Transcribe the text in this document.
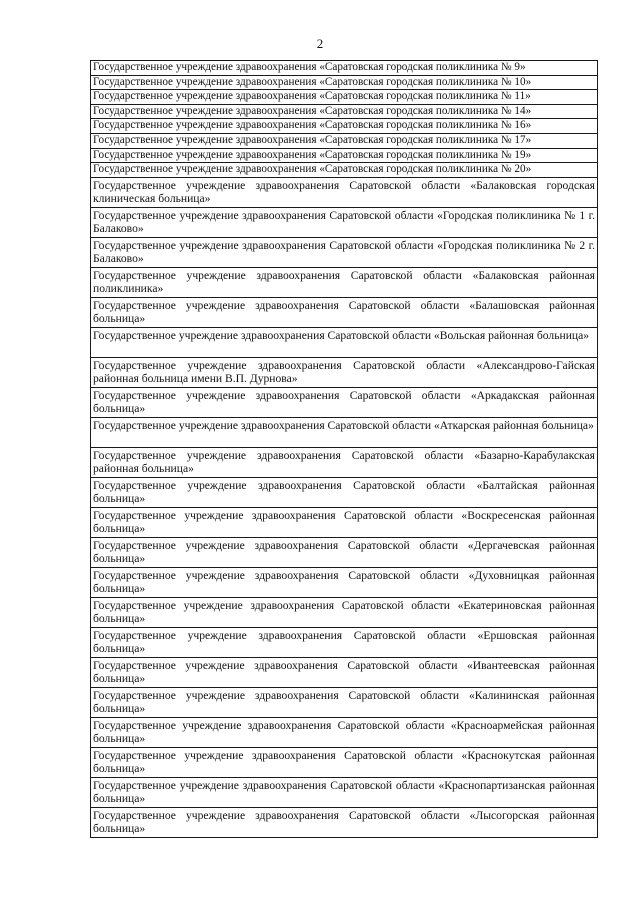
2
Государственное учреждение здравоохранения «Саратовская городская поликлиника № 9»
Государственное учреждение здравоохранения «Саратовская городская поликлиника № 10»
Государственное учреждение здравоохранения «Саратовская городская поликлиника № 11»
Государственное учреждение здравоохранения «Саратовская городская поликлиника № 14»
Государственное учреждение здравоохранения «Саратовская городская поликлиника № 16»
Государственное учреждение здравоохранения «Саратовская городская поликлиника № 17»
Государственное учреждение здравоохранения «Саратовская городская поликлиника № 19»
Государственное учреждение здравоохранения «Саратовская городская поликлиника № 20»
Государственное учреждение здравоохранения Саратовской области «Балаковская городская клиническая больница»
Государственное учреждение здравоохранения Саратовской области «Городская поликлиника № 1 г. Балаково»
Государственное учреждение здравоохранения Саратовской области «Городская поликлиника № 2 г. Балаково»
Государственное учреждение здравоохранения Саратовской области «Балаковская районная поликлиника»
Государственное учреждение здравоохранения Саратовской области «Балашовская районная больница»
Государственное учреждение здравоохранения Саратовской области «Вольская районная больница»
Государственное учреждение здравоохранения Саратовской области «Александрово-Гайская районная больница имени В.П. Дурнова»
Государственное учреждение здравоохранения Саратовской области «Аркадакская районная больница»
Государственное учреждение здравоохранения Саратовской области «Аткарская районная больница»
Государственное учреждение здравоохранения Саратовской области «Базарно-Карабулакская районная больница»
Государственное учреждение здравоохранения Саратовской области «Балтайская районная больница»
Государственное учреждение здравоохранения Саратовской области «Воскресенская районная больница»
Государственное учреждение здравоохранения Саратовской области «Дергачевская районная больница»
Государственное учреждение здравоохранения Саратовской области «Духовницкая районная больница»
Государственное учреждение здравоохранения Саратовской области «Екатериновская районная больница»
Государственное учреждение здравоохранения Саратовской области «Ершовская районная больница»
Государственное учреждение здравоохранения Саратовской области «Ивантеевская районная больница»
Государственное учреждение здравоохранения Саратовской области «Калининская районная больница»
Государственное учреждение здравоохранения Саратовской области «Красноармейская районная больница»
Государственное учреждение здравоохранения Саратовской области «Краснокутская районная больница»
Государственное учреждение здравоохранения Саратовской области «Краснопартизанская районная больница»
Государственное учреждение здравоохранения Саратовской области «Лысогорская районная больница»
